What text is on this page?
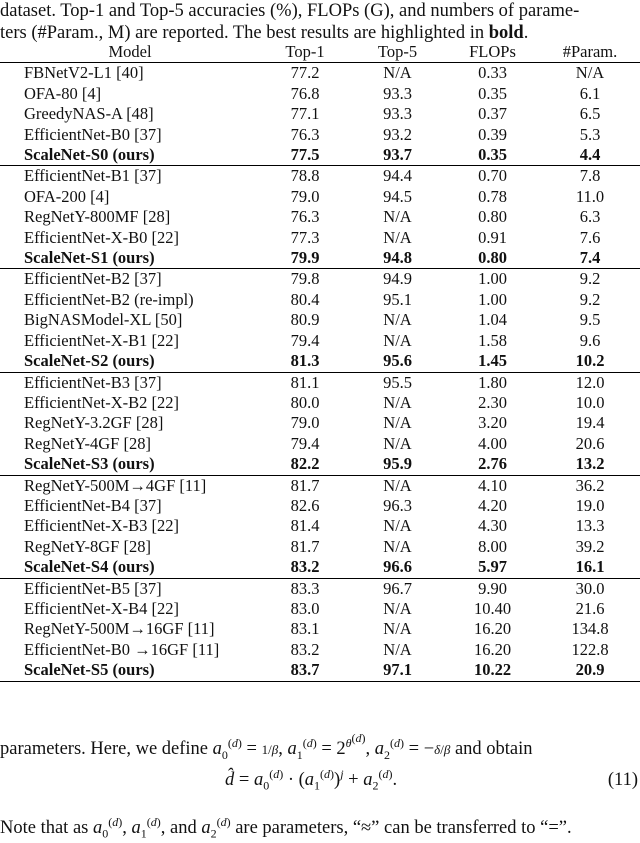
dataset. Top-1 and Top-5 accuracies (%), FLOPs (G), and numbers of parame-
ters (#Param., M) are reported. The best results are highlighted in bold.
Model	Top-1	Top-5	FLOPs	#Param.
FBNetV2-L1 [40]	77.2	N/A	0.33	N/A
OFA-80 [4]	76.8	93.3	0.35	6.1
GreedyNAS-A [48]	77.1	93.3	0.37	6.5
EfficientNet-B0 [37]	76.3	93.2	0.39	5.3
ScaleNet-S0 (ours)	77.5	93.7	0.35	4.4
EfficientNet-B1 [37]	78.8	94.4	0.70	7.8
OFA-200 [4]	79.0	94.5	0.78	11.0
RegNetY-800MF [28]	76.3	N/A	0.80	6.3
EfficientNet-X-B0 [22]	77.3	N/A	0.91	7.6
ScaleNet-S1 (ours)	79.9	94.8	0.80	7.4
EfficientNet-B2 [37]	79.8	94.9	1.00	9.2
EfficientNet-B2 (re-impl)	80.4	95.1	1.00	9.2
BigNASModel-XL [50]	80.9	N/A	1.04	9.5
EfficientNet-X-B1 [22]	79.4	N/A	1.58	9.6
ScaleNet-S2 (ours)	81.3	95.6	1.45	10.2
EfficientNet-B3 [37]	81.1	95.5	1.80	12.0
EfficientNet-X-B2 [22]	80.0	N/A	2.30	10.0
RegNetY-3.2GF [28]	79.0	N/A	3.20	19.4
RegNetY-4GF [28]	79.4	N/A	4.00	20.6
ScaleNet-S3 (ours)	82.2	95.9	2.76	13.2
RegNetY-500M→4GF [11]	81.7	N/A	4.10	36.2
EfficientNet-B4 [37]	82.6	96.3	4.20	19.0
EfficientNet-X-B3 [22]	81.4	N/A	4.30	13.3
RegNetY-8GF [28]	81.7	N/A	8.00	39.2
ScaleNet-S4 (ours)	83.2	96.6	5.97	16.1
EfficientNet-B5 [37]	83.3	96.7	9.90	30.0
EfficientNet-X-B4 [22]	83.0	N/A	10.40	21.6
RegNetY-500M→16GF [11]	83.1	N/A	16.20	134.8
EfficientNet-B0 →16GF [11]	83.2	N/A	16.20	122.8
ScaleNet-S5 (ours)	83.7	97.1	10.22	20.9
parameters. Here, we define $a_0^{(d)} = 1/\beta$, $a_1^{(d)} = 2^{\theta^{(d)}}$, $a_2^{(d)} = -\delta/\beta$ and obtain
d̂ = $a_0^{(d)} \cdot (a_1^{(d)})^j + a_2^{(d)}$.	(11)
Note that as $a_0^{(d)}$, $a_1^{(d)}$, and $a_2^{(d)}$ are parameters, “≈” can be transferred to “=”.
